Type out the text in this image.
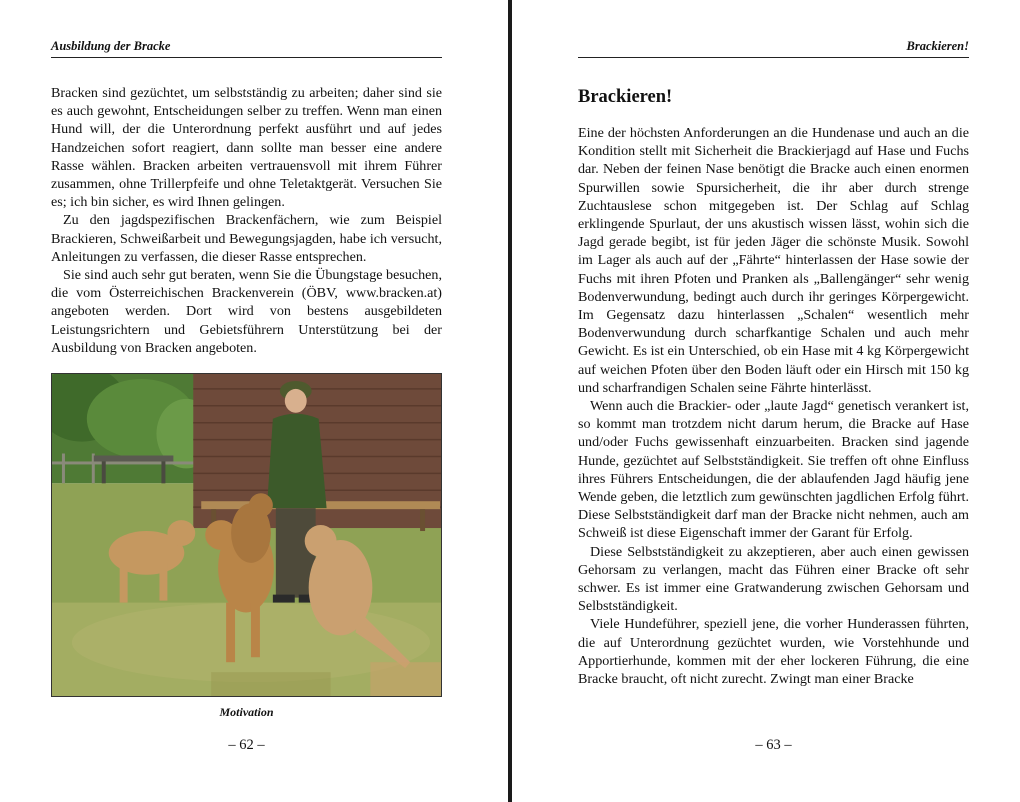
Ausbildung der Bracke

Bracken sind gezüchtet, um selbstständig zu arbeiten; daher sind sie es auch gewohnt, Entscheidungen selber zu treffen. Wenn man einen Hund will, der die Unterordnung perfekt ausführt und auf jedes Handzeichen sofort reagiert, dann sollte man besser eine andere Rasse wählen. Bracken arbeiten vertrauensvoll mit ihrem Führer zusammen, ohne Trillerpfeife und ohne Teletaktgerät. Versuchen Sie es; ich bin sicher, es wird Ihnen gelingen.

Zu den jagdspezifischen Brackenfächern, wie zum Beispiel Brackieren, Schweißarbeit und Bewegungsjagden, habe ich versucht, Anleitungen zu verfassen, die dieser Rasse entsprechen.

Sie sind auch sehr gut beraten, wenn Sie die Übungstage besuchen, die vom Österreichischen Brackenverein (ÖBV, www.bracken.at) angeboten werden. Dort wird von bestens ausgebildeten Leistungsrichtern und Gebietsführern Unterstützung bei der Ausbildung von Bracken angeboten.

Motivation
– 62 –
Brackieren!
Brackieren!

Eine der höchsten Anforderungen an die Hundenase und auch an die Kondition stellt mit Sicherheit die Brackierjagd auf Hase und Fuchs dar. Neben der feinen Nase benötigt die Bracke auch einen enormen Spurwillen sowie Spursicherheit, die ihr aber durch strenge Zuchtauslese schon mitgegeben ist. Der Schlag auf Schlag erklingende Spurlaut, der uns akustisch wissen lässt, wohin sich die Jagd gerade begibt, ist für jeden Jäger die schönste Musik. Sowohl im Lager als auch auf der „Fährte“ hinterlassen der Hase sowie der Fuchs mit ihren Pfoten und Pranken als „Ballengänger“ sehr wenig Bodenverwundung, bedingt auch durch ihr geringes Körpergewicht. Im Gegensatz dazu hinterlassen „Schalen“ wesentlich mehr Bodenverwundung durch scharfkantige Schalen und auch mehr Gewicht. Es ist ein Unterschied, ob ein Hase mit 4 kg Körpergewicht auf weichen Pfoten über den Boden läuft oder ein Hirsch mit 150 kg und scharfrandigen Schalen seine Fährte hinterlässt.

Wenn auch die Brackier- oder „laute Jagd“ genetisch verankert ist, so kommt man trotzdem nicht darum herum, die Bracke auf Hase und/oder Fuchs gewissenhaft einzuarbeiten. Bracken sind jagende Hunde, gezüchtet auf Selbstständigkeit. Sie treffen oft ohne Einfluss ihres Führers Entscheidungen, die der ablaufenden Jagd häufig jene Wende geben, die letztlich zum gewünschten jagdlichen Erfolg führt. Diese Selbstständigkeit darf man der Bracke nicht nehmen, auch am Schweiß ist diese Eigenschaft immer der Garant für Erfolg.

Diese Selbstständigkeit zu akzeptieren, aber auch einen gewissen Gehorsam zu verlangen, macht das Führen einer Bracke oft sehr schwer. Es ist immer eine Gratwanderung zwischen Gehorsam und Selbstständigkeit.

Viele Hundeführer, speziell jene, die vorher Hunderassen führten, die auf Unterordnung gezüchtet wurden, wie Vorstehhunde und Apportierhunde, kommen mit der eher lockeren Führung, die eine Bracke braucht, oft nicht zurecht. Zwingt man einer Bracke

– 63 –
